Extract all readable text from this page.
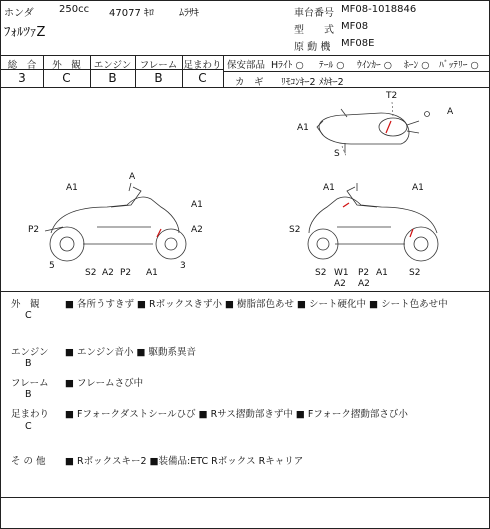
ホンダ	250cc 47077 ｷﾛ	ﾑﾗｻｷ
ﾌｫﾙﾂｧZ
車台番号 MF08-1018846
型　　式 MF08
原 動 機 MF08E
総　合	外　観	エンジン フレーム 足まわり
3	C	B	B	C
保安部品 Hﾗｲﾄ ○ ﾃｰﾙ ○ ｳｲﾝｶｰ ○ ﾎｰﾝ ○ ﾊﾞｯﾃﾘｰ ○
カ　ギ ﾘﾓｺﾝｷｰ2 ﾒｶｷｰ2
T2
A
A1
S
A
A1
A1
P2	A2
5
S2 A2 P2 A1
3
A1	A1
S2
S2 W1
A2
P2 A1
A2
S2
外　観
C
■ 各所うすきず ■ Rボックスきず小 ■ 樹脂部色あせ ■ シート硬化中 ■ シート色あせ中
エンジン
B
■ エンジン音小 ■ 駆動系異音
フレーム
B
■ フレームさび中
足まわり
C
■ Fフォークダストシールひび ■ Rサス摺動部きず中 ■ Fフォーク摺動部さび小
そ の 他 ■ Rボックスキー2 ■装備品:ETC Rボックス Rキャリア
